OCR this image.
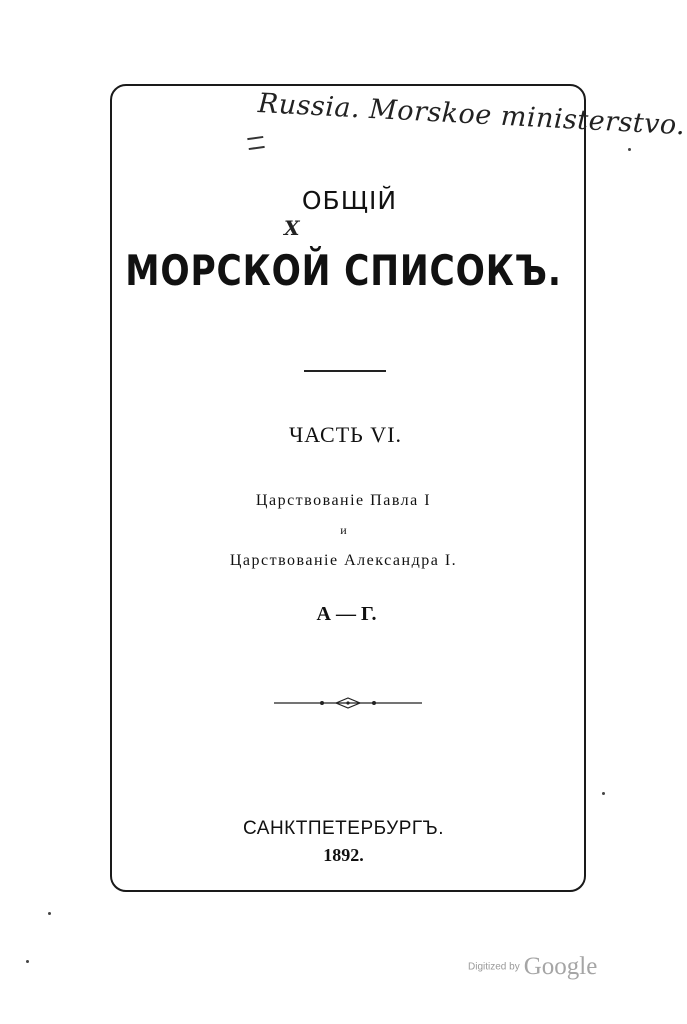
Russia. Morskoe ministerstvo.
ОБЩІЙ
X
МОРСКОЙ СПИСОКЪ.
ЧАСТЬ VI.
Царствованіе Павла I
и
Царствованіе Александра I.
А — Г.
САНКТПЕТЕРБУРГЪ.
1892.
Digitized by Google
